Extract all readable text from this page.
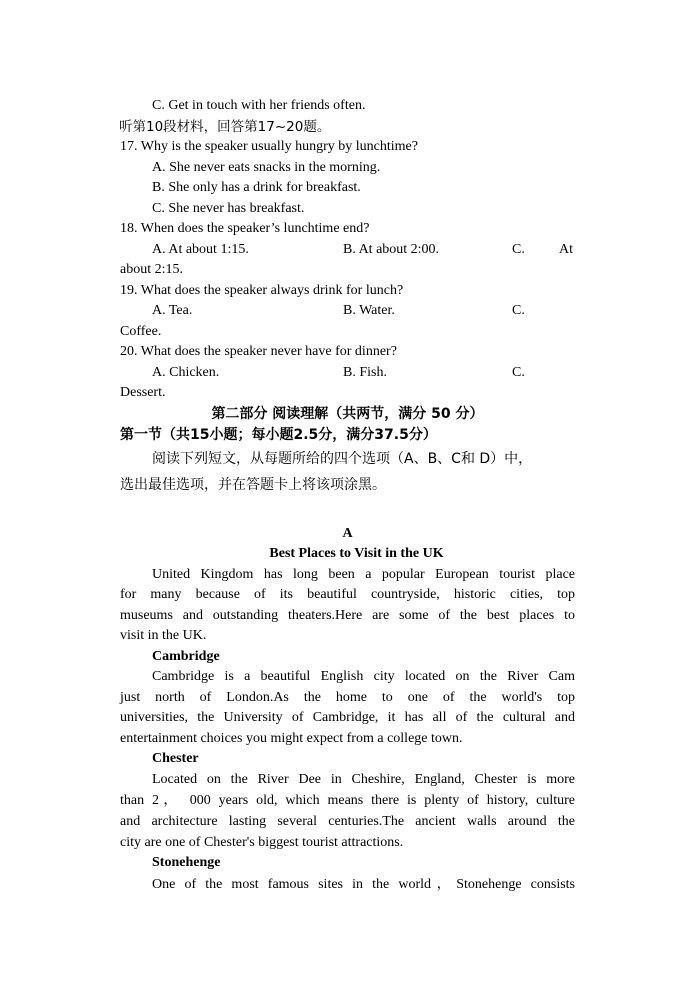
C. Get in touch with her friends often.
听第10段材料，回答第17~20题。
17. Why is the speaker usually hungry by lunchtime?
A. She never eats snacks in the morning.
B. She only has a drink for breakfast.
C. She never has breakfast.
18. When does the speaker’s lunchtime end?
A. At about 1:15.	B. At about 2:00.	C. At
about 2:15.
19. What does the speaker always drink for lunch?
A. Tea.	B. Water.	C.
Coffee.
20. What does the speaker never have for dinner?
A. Chicken.	B. Fish.	C.
Dessert.
第二部分 阅读理解（共两节，满分 50 分）
第一节（共15小题；每小题2.5分，满分37.5分）
阅读下列短文，从每题所给的四个选项（A、B、C和 D）中，
选出最佳选项，并在答题卡上将该项涂黑。
A
Best Places to Visit in the UK
United Kingdom has long been a popular European tourist place
for many because of its beautiful countryside, historic cities, top
museums and outstanding theaters.Here are some of the best places to
visit in the UK.
Cambridge
Cambridge is a beautiful English city located on the River Cam
just north of London.As the home to one of the world's top
universities, the University of Cambridge, it has all of the cultural and
entertainment choices you might expect from a college town.
Chester
Located on the River Dee in Cheshire, England, Chester is more
than 2， 000 years old, which means there is plenty of history, culture
and architecture lasting several centuries.The ancient walls around the
city are one of Chester's biggest tourist attractions.
Stonehenge
One of the most famous sites in the world，Stonehenge consists
